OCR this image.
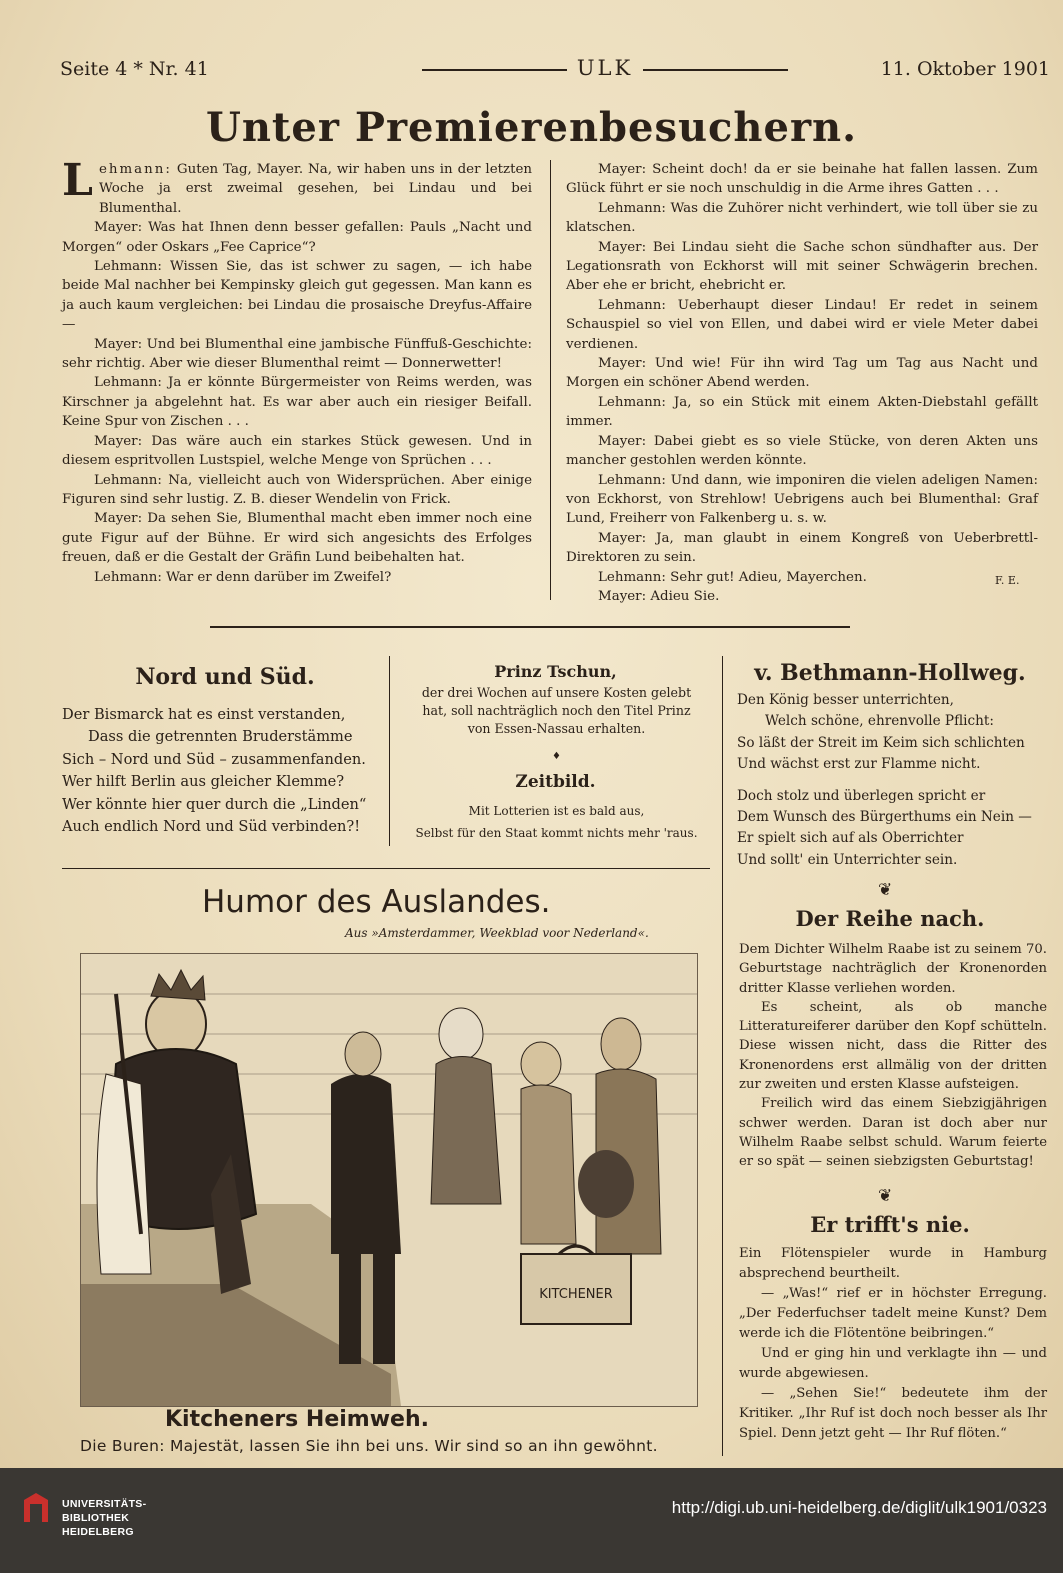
Seite 4 * Nr. 41	ULK	11. Oktober 1901
Unter Premierenbesuchern.

Lehmann: Guten Tag, Mayer. Na, wir haben uns in der letzten Woche ja erst zweimal gesehen, bei Lindau und bei Blumenthal.

Mayer: Was hat Ihnen denn besser gefallen: Pauls „Nacht und Morgen“ oder Oskars „Fee Caprice“?

Lehmann: Wissen Sie, das ist schwer zu sagen, — ich habe beide Mal nachher bei Kempinsky gleich gut gegessen. Man kann es ja auch kaum vergleichen: bei Lindau die prosaische Dreyfus-Affaire —

Mayer: Und bei Blumenthal eine jambische Fünffuß-Geschichte: sehr richtig. Aber wie dieser Blumenthal reimt — Donnerwetter!

Lehmann: Ja er könnte Bürgermeister von Reims werden, was Kirschner ja abgelehnt hat. Es war aber auch ein riesiger Beifall. Keine Spur von Zischen . . .

Mayer: Das wäre auch ein starkes Stück gewesen. Und in diesem espritvollen Lustspiel, welche Menge von Sprüchen . . .

Lehmann: Na, vielleicht auch von Widersprüchen. Aber einige Figuren sind sehr lustig. Z. B. dieser Wendelin von Frick.

Mayer: Da sehen Sie, Blumenthal macht eben immer noch eine gute Figur auf der Bühne. Er wird sich angesichts des Erfolges freuen, daß er die Gestalt der Gräfin Lund beibehalten hat.

Lehmann: War er denn darüber im Zweifel?

Mayer: Scheint doch! da er sie beinahe hat fallen lassen. Zum Glück führt er sie noch unschuldig in die Arme ihres Gatten . . .

Lehmann: Was die Zuhörer nicht verhindert, wie toll über sie zu klatschen.

Mayer: Bei Lindau sieht die Sache schon sündhafter aus. Der Legationsrath von Eckhorst will mit seiner Schwägerin brechen. Aber ehe er bricht, ehebricht er.

Lehmann: Ueberhaupt dieser Lindau! Er redet in seinem Schauspiel so viel von Ellen, und dabei wird er viele Meter dabei verdienen.

Mayer: Und wie! Für ihn wird Tag um Tag aus Nacht und Morgen ein schöner Abend werden.

Lehmann: Ja, so ein Stück mit einem Akten-Diebstahl gefällt immer.

Mayer: Dabei giebt es so viele Stücke, von deren Akten uns mancher gestohlen werden könnte.

Lehmann: Und dann, wie imponiren die vielen adeligen Namen: von Eckhorst, von Strehlow! Uebrigens auch bei Blumenthal: Graf Lund, Freiherr von Falkenberg u. s. w.

Mayer: Ja, man glaubt in einem Kongreß von Ueberbrettl-Direktoren zu sein.

Lehmann: Sehr gut! Adieu, Mayerchen.

Mayer: Adieu Sie.

F. E.
Nord und Süd.
Der Bismarck hat es einst verstanden,
Dass die getrennten Bruderstämme
Sich – Nord und Süd – zusammenfanden.
Wer hilft Berlin aus gleicher Klemme?
Wer könnte hier quer durch die „Linden“
Auch endlich Nord und Süd verbinden?!
Prinz Tschun,
der drei Wochen auf unsere Kosten gelebt
hat, soll nachträglich noch den Titel Prinz
von Essen-Nassau erhalten.
♦
Zeitbild.
Mit Lotterien ist es bald aus,
Selbst für den Staat kommt nichts mehr 'raus.
v. Bethmann-Hollweg.
Den König besser unterrichten,
Welch schöne, ehrenvolle Pflicht:
So läßt der Streit im Keim sich schlichten
Und wächst erst zur Flamme nicht.
Doch stolz und überlegen spricht er
Dem Wunsch des Bürgerthums ein Nein —
Er spielt sich auf als Oberrichter
Und sollt' ein Unterrichter sein.
Humor des Auslandes.
Aus »Amsterdammer, Weekblad voor Nederland«.
KITCHENER
Kitcheners Heimweh.
Die Buren: Majestät, lassen Sie ihn bei uns. Wir sind so an ihn gewöhnt.
❦
Der Reihe nach.

Dem Dichter Wilhelm Raabe ist zu seinem 70. Geburtstage nachträglich der Kronenorden dritter Klasse verliehen worden.

Es scheint, als ob manche Litteratureiferer darüber den Kopf schütteln. Diese wissen nicht, dass die Ritter des Kronenordens erst allmälig von der dritten zur zweiten und ersten Klasse aufsteigen.

Freilich wird das einem Siebzigjährigen schwer werden. Daran ist doch aber nur Wilhelm Raabe selbst schuld. Warum feierte er so spät — seinen siebzigsten Geburtstag!

❦
Er trifft's nie.

Ein Flötenspieler wurde in Hamburg absprechend beurtheilt.

— „Was!“ rief er in höchster Erregung. „Der Federfuchser tadelt meine Kunst? Dem werde ich die Flötentöne beibringen.“

Und er ging hin und verklagte ihn — und wurde abgewiesen.

— „Sehen Sie!“ bedeutete ihm der Kritiker. „Ihr Ruf ist doch noch besser als Ihr Spiel. Denn jetzt geht — Ihr Ruf flöten.“

UNIVERSITÄTS-
BIBLIOTHEK
HEIDELBERG
http://digi.ub.uni-heidelberg.de/diglit/ulk1901/0323
